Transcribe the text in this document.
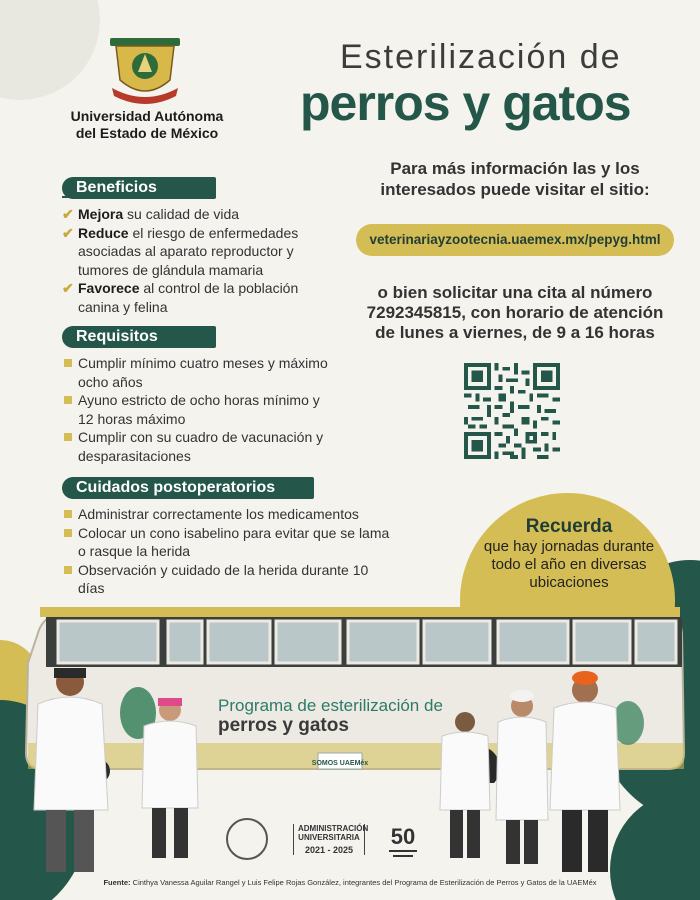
Universidad Autónoma
del Estado de México
Esterilización de
perros y gatos
Beneficios
✔ Mejora su calidad de vida
✔ Reduce el riesgo de enfermedades asociadas al aparato reproductor y tumores de glándula mamaria
✔ Favorece al control de la población canina y felina
Requisitos
Cumplir mínimo cuatro meses y máximo ocho años
Ayuno estricto de ocho horas mínimo y 12 horas máximo
Cumplir con su cuadro de vacunación y desparasitaciones
Cuidados postoperatorios
Administrar correctamente los medicamentos
Colocar un cono isabelino para evitar que se lama o rasque la herida
Observación y cuidado de la herida durante 10 días
Para más información las y los interesados puede visitar el sitio:
veterinariayzootecnia.uaemex.mx/pepyg.html
o bien solicitar una cita al número 7292345815, con horario de atención de lunes a viernes, de 9 a 16 horas
Recuerda
que hay jornadas durante todo el año en diversas ubicaciones
SOMOS UAEMéx
Programa de esterilización de
perros y gatos
ADMINISTRACIÓN
UNIVERSITARIA
2021 - 2025
50
Fuente: Cinthya Vanessa Aguilar Rangel y Luis Felipe Rojas González, integrantes del Programa de Esterilización de Perros y Gatos de la UAEMéx
